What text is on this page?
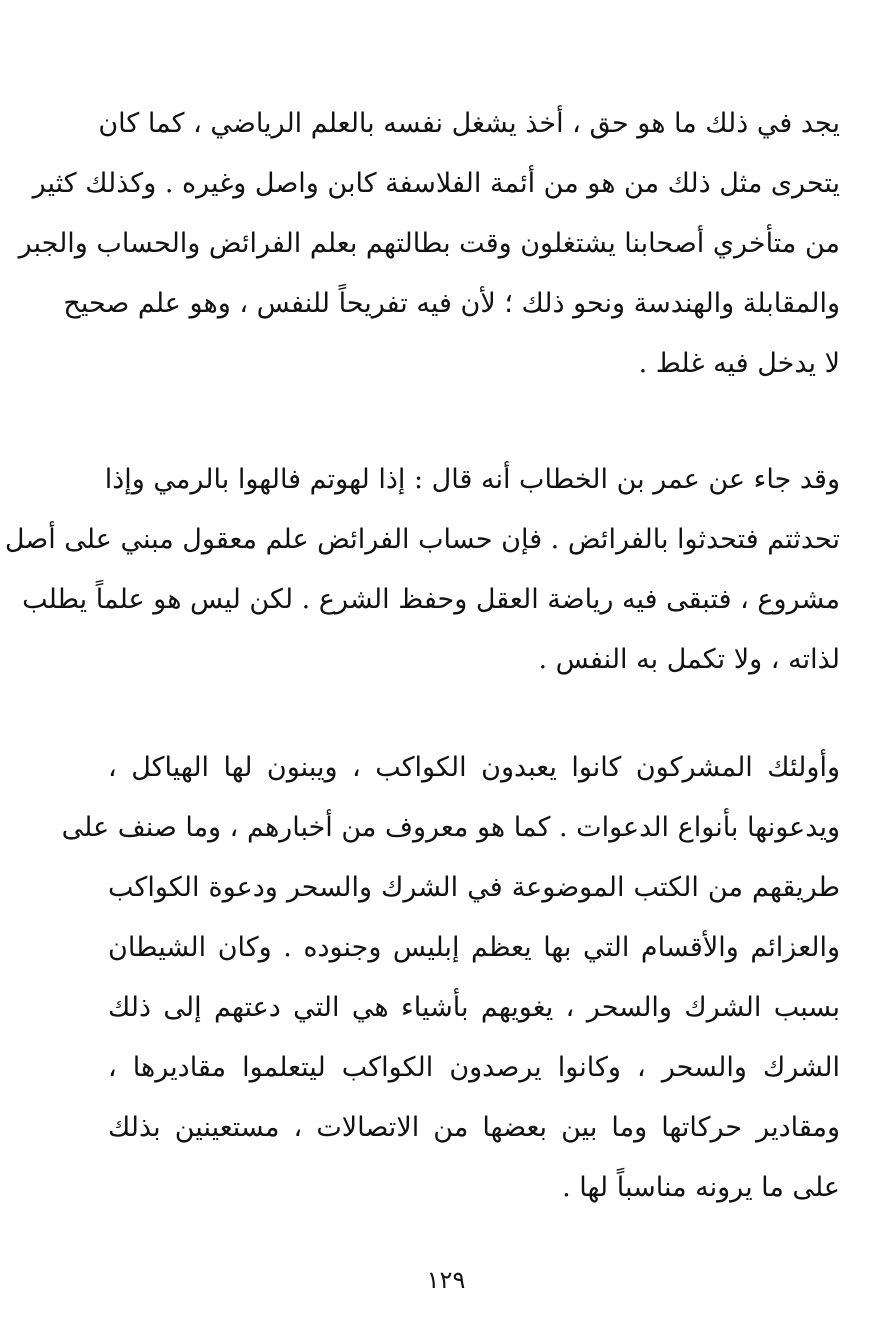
يجد في ذلك ما هو حق ، أخذ يشغل نفسه بالعلم الرياضي ، كما كان
يتحرى مثل ذلك من هو من أئمة الفلاسفة كابن واصل وغيره . وكذلك كثير
من متأخري أصحابنا يشتغلون وقت بطالتهم بعلم الفرائض والحساب والجبر
والمقابلة والهندسة ونحو ذلك ؛ لأن فيه تفريحاً للنفس ، وهو علم صحيح
لا يدخل فيه غلط .
وقد جاء عن عمر بن الخطاب أنه قال : إذا لهوتم فالهوا بالرمي وإذا
تحدثتم فتحدثوا بالفرائض . فإن حساب الفرائض علم معقول مبني على أصل
مشروع ، فتبقى فيه رياضة العقل وحفظ الشرع . لكن ليس هو علماً يطلب
لذاته ، ولا تكمل به النفس .
وأولئك المشركون كانوا يعبدون الكواكب ، ويبنون لها الهياكل ،
ويدعونها بأنواع الدعوات . كما هو معروف من أخبارهم ، وما صنف على
طريقهم من الكتب الموضوعة في الشرك والسحر ودعوة الكواكب
والعزائم والأقسام التي بها يعظم إبليس وجنوده . وكان الشيطان
بسبب الشرك والسحر ، يغويهم بأشياء هي التي دعتهم إلى ذلك
الشرك والسحر ، وكانوا يرصدون الكواكب ليتعلموا مقاديرها ،
ومقادير حركاتها وما بين بعضها من الاتصالات ، مستعينين بذلك
على ما يرونه مناسباً لها .
١٢٩
